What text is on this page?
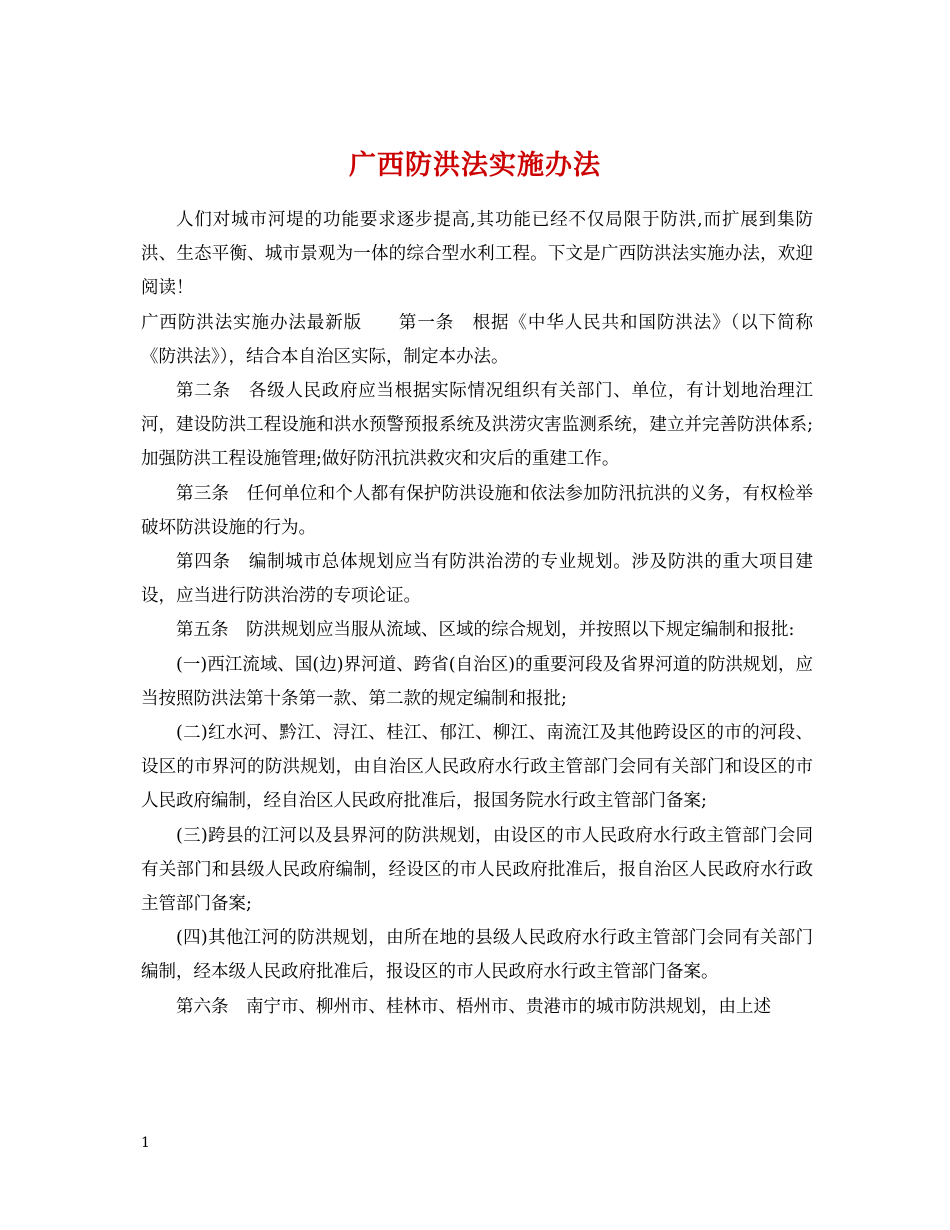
广西防洪法实施办法

人们对城市河堤的功能要求逐步提高,其功能已经不仅局限于防洪,而扩展到集防洪、生态平衡、城市景观为一体的综合型水利工程。下文是广西防洪法实施办法，欢迎阅读！

广西防洪法实施办法最新版　　第一条　根据《中华人民共和国防洪法》（以下简称《防洪法》），结合本自治区实际，制定本办法。

第二条　各级人民政府应当根据实际情况组织有关部门、单位，有计划地治理江河，建设防洪工程设施和洪水预警预报系统及洪涝灾害监测系统，建立并完善防洪体系;加强防洪工程设施管理;做好防汛抗洪救灾和灾后的重建工作。

第三条　任何单位和个人都有保护防洪设施和依法参加防汛抗洪的义务，有权检举破坏防洪设施的行为。

第四条　编制城市总体规划应当有防洪治涝的专业规划。涉及防洪的重大项目建设，应当进行防洪治涝的专项论证。

第五条　防洪规划应当服从流域、区域的综合规划，并按照以下规定编制和报批:

(一)西江流域、国(边)界河道、跨省(自治区)的重要河段及省界河道的防洪规划，应当按照防洪法第十条第一款、第二款的规定编制和报批;

(二)红水河、黔江、浔江、桂江、郁江、柳江、南流江及其他跨设区的市的河段、设区的市界河的防洪规划，由自治区人民政府水行政主管部门会同有关部门和设区的市人民政府编制，经自治区人民政府批准后，报国务院水行政主管部门备案;

(三)跨县的江河以及县界河的防洪规划，由设区的市人民政府水行政主管部门会同有关部门和县级人民政府编制，经设区的市人民政府批准后，报自治区人民政府水行政主管部门备案;

(四)其他江河的防洪规划，由所在地的县级人民政府水行政主管部门会同有关部门编制，经本级人民政府批准后，报设区的市人民政府水行政主管部门备案。

第六条　南宁市、柳州市、桂林市、梧州市、贵港市的城市防洪规划，由上述

1
